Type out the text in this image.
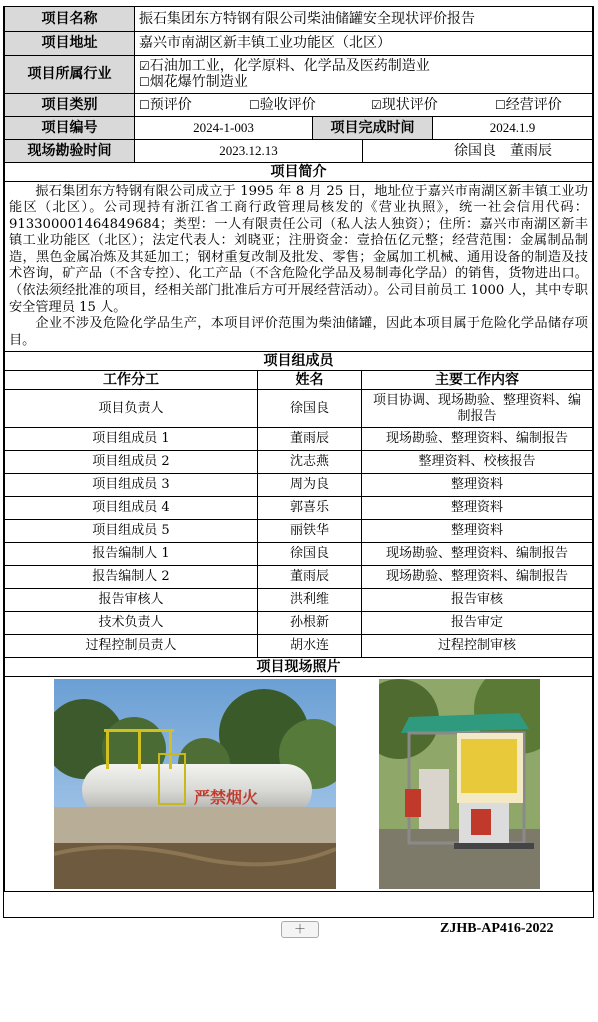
项目名称	振石集团东方特钢有限公司柴油储罐安全现状评价报告			
项目地址	嘉兴市南湖区新丰镇工业功能区（北区）			
项目所属行业	☑石油加工业，化学原料、化学品及医药制造业
☐烟花爆竹制造业			

项目类别	☐预评价 ☐验收评价 ☑现状评价 ☐经营评价			

项目编号	2024-1-003	项目完成时间		2024.1.9
现场勘验时间	2023.12.13		徐国良　董雨辰	
项目简介

振石集团东方特钢有限公司成立于 1995 年 8 月 25 日，地址位于嘉兴市南湖区新丰镇工业功能区（北区）。公司现持有浙江省工商行政管理局核发的《营业执照》，统一社会信用代码：913300001464849684；类型：一人有限责任公司（私人法人独资）；住所：嘉兴市南湖区新丰镇工业功能区（北区）；法定代表人：刘晓亚；注册资金：壹拾伍亿元整；经营范围：金属制品制造，黑色金属冶炼及其延加工；钢材重复改制及批发、零售；金属加工机械、通用设备的制造及技术咨询，矿产品（不含专控）、化工产品（不含危险化学品及易制毒化学品）的销售，货物进出口。（依法须经批准的项目，经相关部门批准后方可开展经营活动）。公司目前员工 1000 人，其中专职安全管理员 15 人。

企业不涉及危险化学品生产，本项目评价范围为柴油储罐，因此本项目属于危险化学品储存项目。

项目组成员		
工作分工	姓名	主要工作内容
项目负责人	徐国良	项目协调、现场勘验、整理资料、编制报告
项目组成员 1	董雨辰	现场勘验、整理资料、编制报告
项目组成员 2	沈志燕	整理资料、校核报告
项目组成员 3	周为良	整理资料
项目组成员 4	郭喜乐	整理资料
项目组成员 5	丽铁华	整理资料
报告编制人 1	徐国良	现场勘验、整理资料、编制报告
报告编制人 2	董雨辰	现场勘验、整理资料、编制报告
报告审核人	洪利维	报告审核
技术负责人	孙根新	报告审定
过程控制员责人	胡水连	过程控制审核
项目现场照片

严禁烟火
＋	ZJHB-AP416-2022
